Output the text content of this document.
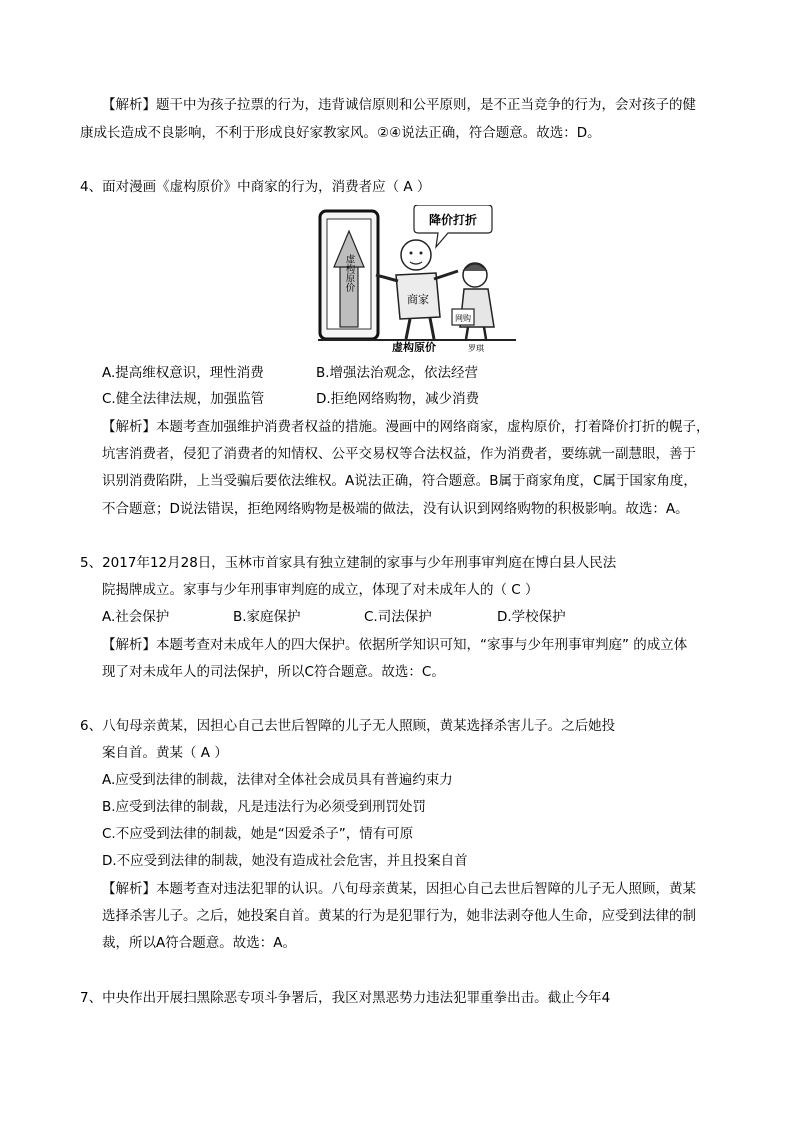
【解析】题干中为孩子拉票的行为，违背诚信原则和公平原则，是不正当竞争的行为，会对孩子的健
康成长造成不良影响，不利于形成良好家教家风。②④说法正确，符合题意。故选：D。
4、面对漫画《虚构原价》中商家的行为，消费者应（ A ）
虚构原价
降价打折
商家
网购
虚构原价	罗琪
A.提高维权意识，理性消费	B.增强法治观念，依法经营
C.健全法律法规，加强监管	D.拒绝网络购物，减少消费
【解析】本题考查加强维护消费者权益的措施。漫画中的网络商家，虚构原价，打着降价打折的幌子，
坑害消费者，侵犯了消费者的知情权、公平交易权等合法权益，作为消费者，要练就一副慧眼，善于
识别消费陷阱，上当受骗后要依法维权。A说法正确，符合题意。B属于商家角度，C属于国家角度，
不合题意；D说法错误，拒绝网络购物是极端的做法，没有认识到网络购物的积极影响。故选：A。
5、2017年12月28日，玉林市首家具有独立建制的家事与少年刑事审判庭在博白县人民法
院揭牌成立。家事与少年刑事审判庭的成立，体现了对未成年人的（ C ）
A.社会保护	B.家庭保护	C.司法保护	D.学校保护
【解析】本题考查对未成年人的四大保护。依据所学知识可知，“家事与少年刑事审判庭” 的成立体
现了对未成年人的司法保护，所以C符合题意。故选：C。
6、八旬母亲黄某，因担心自己去世后智障的儿子无人照顾，黄某选择杀害儿子。之后她投
案自首。黄某（ A ）
A.应受到法律的制裁，法律对全体社会成员具有普遍约束力
B.应受到法律的制裁，凡是违法行为必须受到刑罚处罚
C.不应受到法律的制裁，她是“因爱杀子”，情有可原
D.不应受到法律的制裁，她没有造成社会危害，并且投案自首
【解析】本题考查对违法犯罪的认识。八旬母亲黄某，因担心自己去世后智障的儿子无人照顾，黄某
选择杀害儿子。之后，她投案自首。黄某的行为是犯罪行为，她非法剥夺他人生命，应受到法律的制
裁，所以A符合题意。故选：A。
7、中央作出开展扫黑除恶专项斗争署后，我区对黑恶势力违法犯罪重拳出击。截止今年4
